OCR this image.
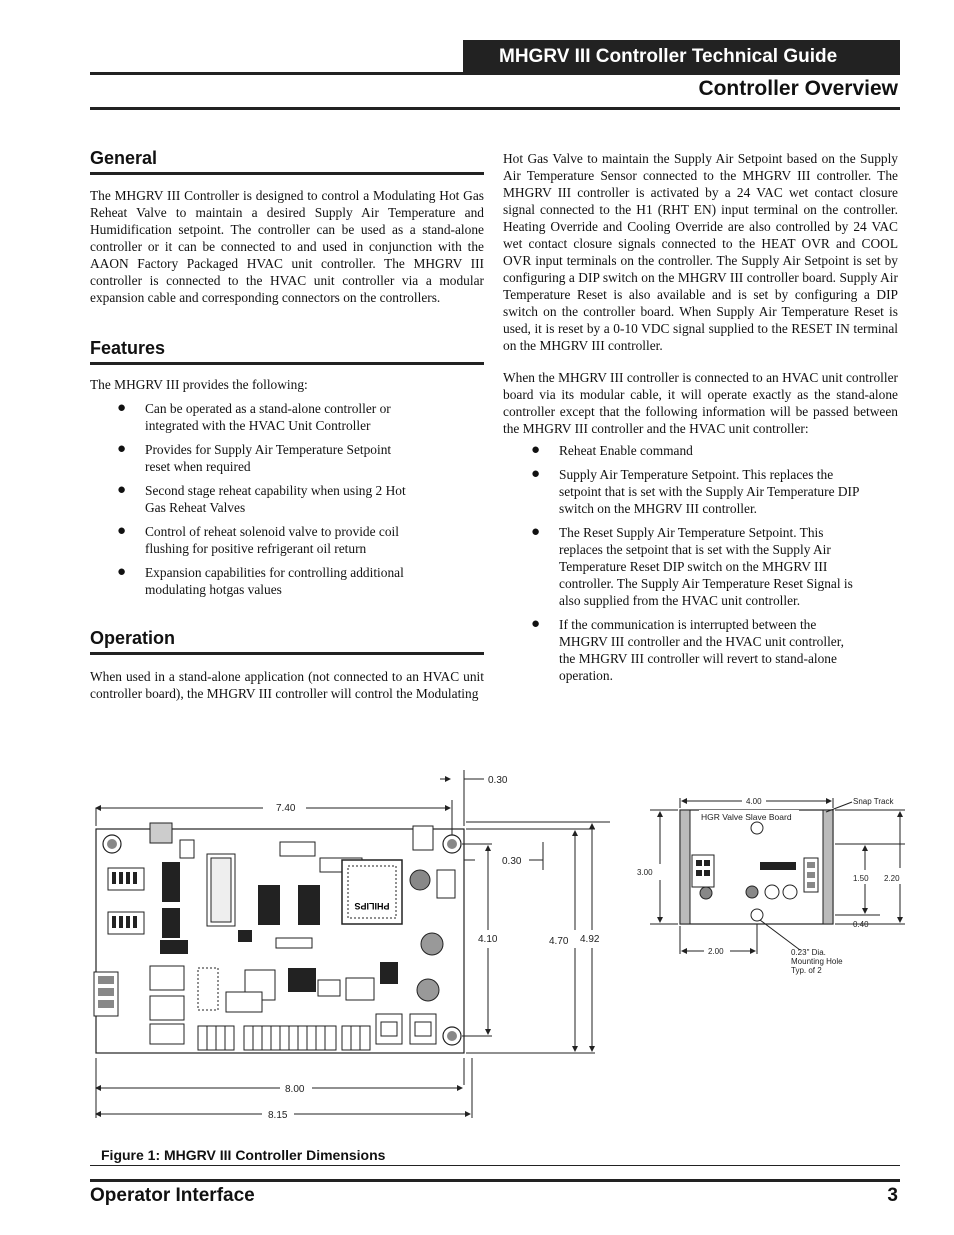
MHGRV III Controller Technical Guide
Controller Overview
General
The MHGRV III Controller is designed to control a Modulating Hot Gas Reheat Valve to maintain a desired Supply Air Temperature and Humidification setpoint. The controller can be used as a stand-alone controller or it can be connected to and used in conjunction with the AAON Factory Packaged HVAC unit controller. The MHGRV III controller is connected to the HVAC unit controller via a modular expansion cable and corresponding connectors on the controllers.
Features
The MHGRV III provides the following:
● Can be operated as a stand-alone controller or integrated with the HVAC Unit Controller
● Provides for Supply Air Temperature Setpoint reset when required
● Second stage reheat capability when using 2 Hot Gas Reheat Valves
● Control of reheat solenoid valve to provide coil flushing for positive refrigerant oil return
● Expansion capabilities for controlling additional modulating hotgas values
Operation
When used in a stand-alone application (not connected to an HVAC unit controller board), the MHGRV III controller will control the Modulating
Hot Gas Valve to maintain the Supply Air Setpoint based on the Supply Air Temperature Sensor connected to the MHGRV III controller. The MHGRV III controller is activated by a 24 VAC wet contact closure signal connected to the H1 (RHT EN) input terminal on the controller. Heating Override and Cooling Override are also controlled by 24 VAC wet contact closure signals connected to the HEAT OVR and COOL OVR input terminals on the controller. The Supply Air Setpoint is set by configuring a DIP switch on the MHGRV III controller board. Supply Air Temperature Reset is also available and is set by configuring a DIP switch on the controller board. When Supply Air Temperature Reset is used, it is reset by a 0-10 VDC signal supplied to the RESET IN terminal on the MHGRV III controller.
When the MHGRV III controller is connected to an HVAC unit controller board via its modular cable, it will operate exactly as the stand-alone controller except that the following information will be passed between the MHGRV III controller and the HVAC unit controller:
● Reheat Enable command
● Supply Air Temperature Setpoint. This replaces the setpoint that is set with the Supply Air Temperature DIP switch on the MHGRV III controller.
● The Reset Supply Air Temperature Setpoint. This replaces the setpoint that is set with the Supply Air Temperature Reset DIP switch on the MHGRV III controller. The Supply Air Temperature Reset Signal is also supplied from the HVAC unit controller.
● If the communication is interrupted between the MHGRV III controller and the HVAC unit controller, the MHGRV III controller will revert to stand-alone operation.
PHILIPS
7.40
0.30
0.30
4.10	4.70 4.92
8.00
8.15
HGR Valve Slave Board
4.00	Snap Track
3.00
2.00
1.50 2.20
0.40
0.23" Dia.
Mounting Hole
Typ. of 2
Figure 1: MHGRV III Controller Dimensions
Operator Interface	3
